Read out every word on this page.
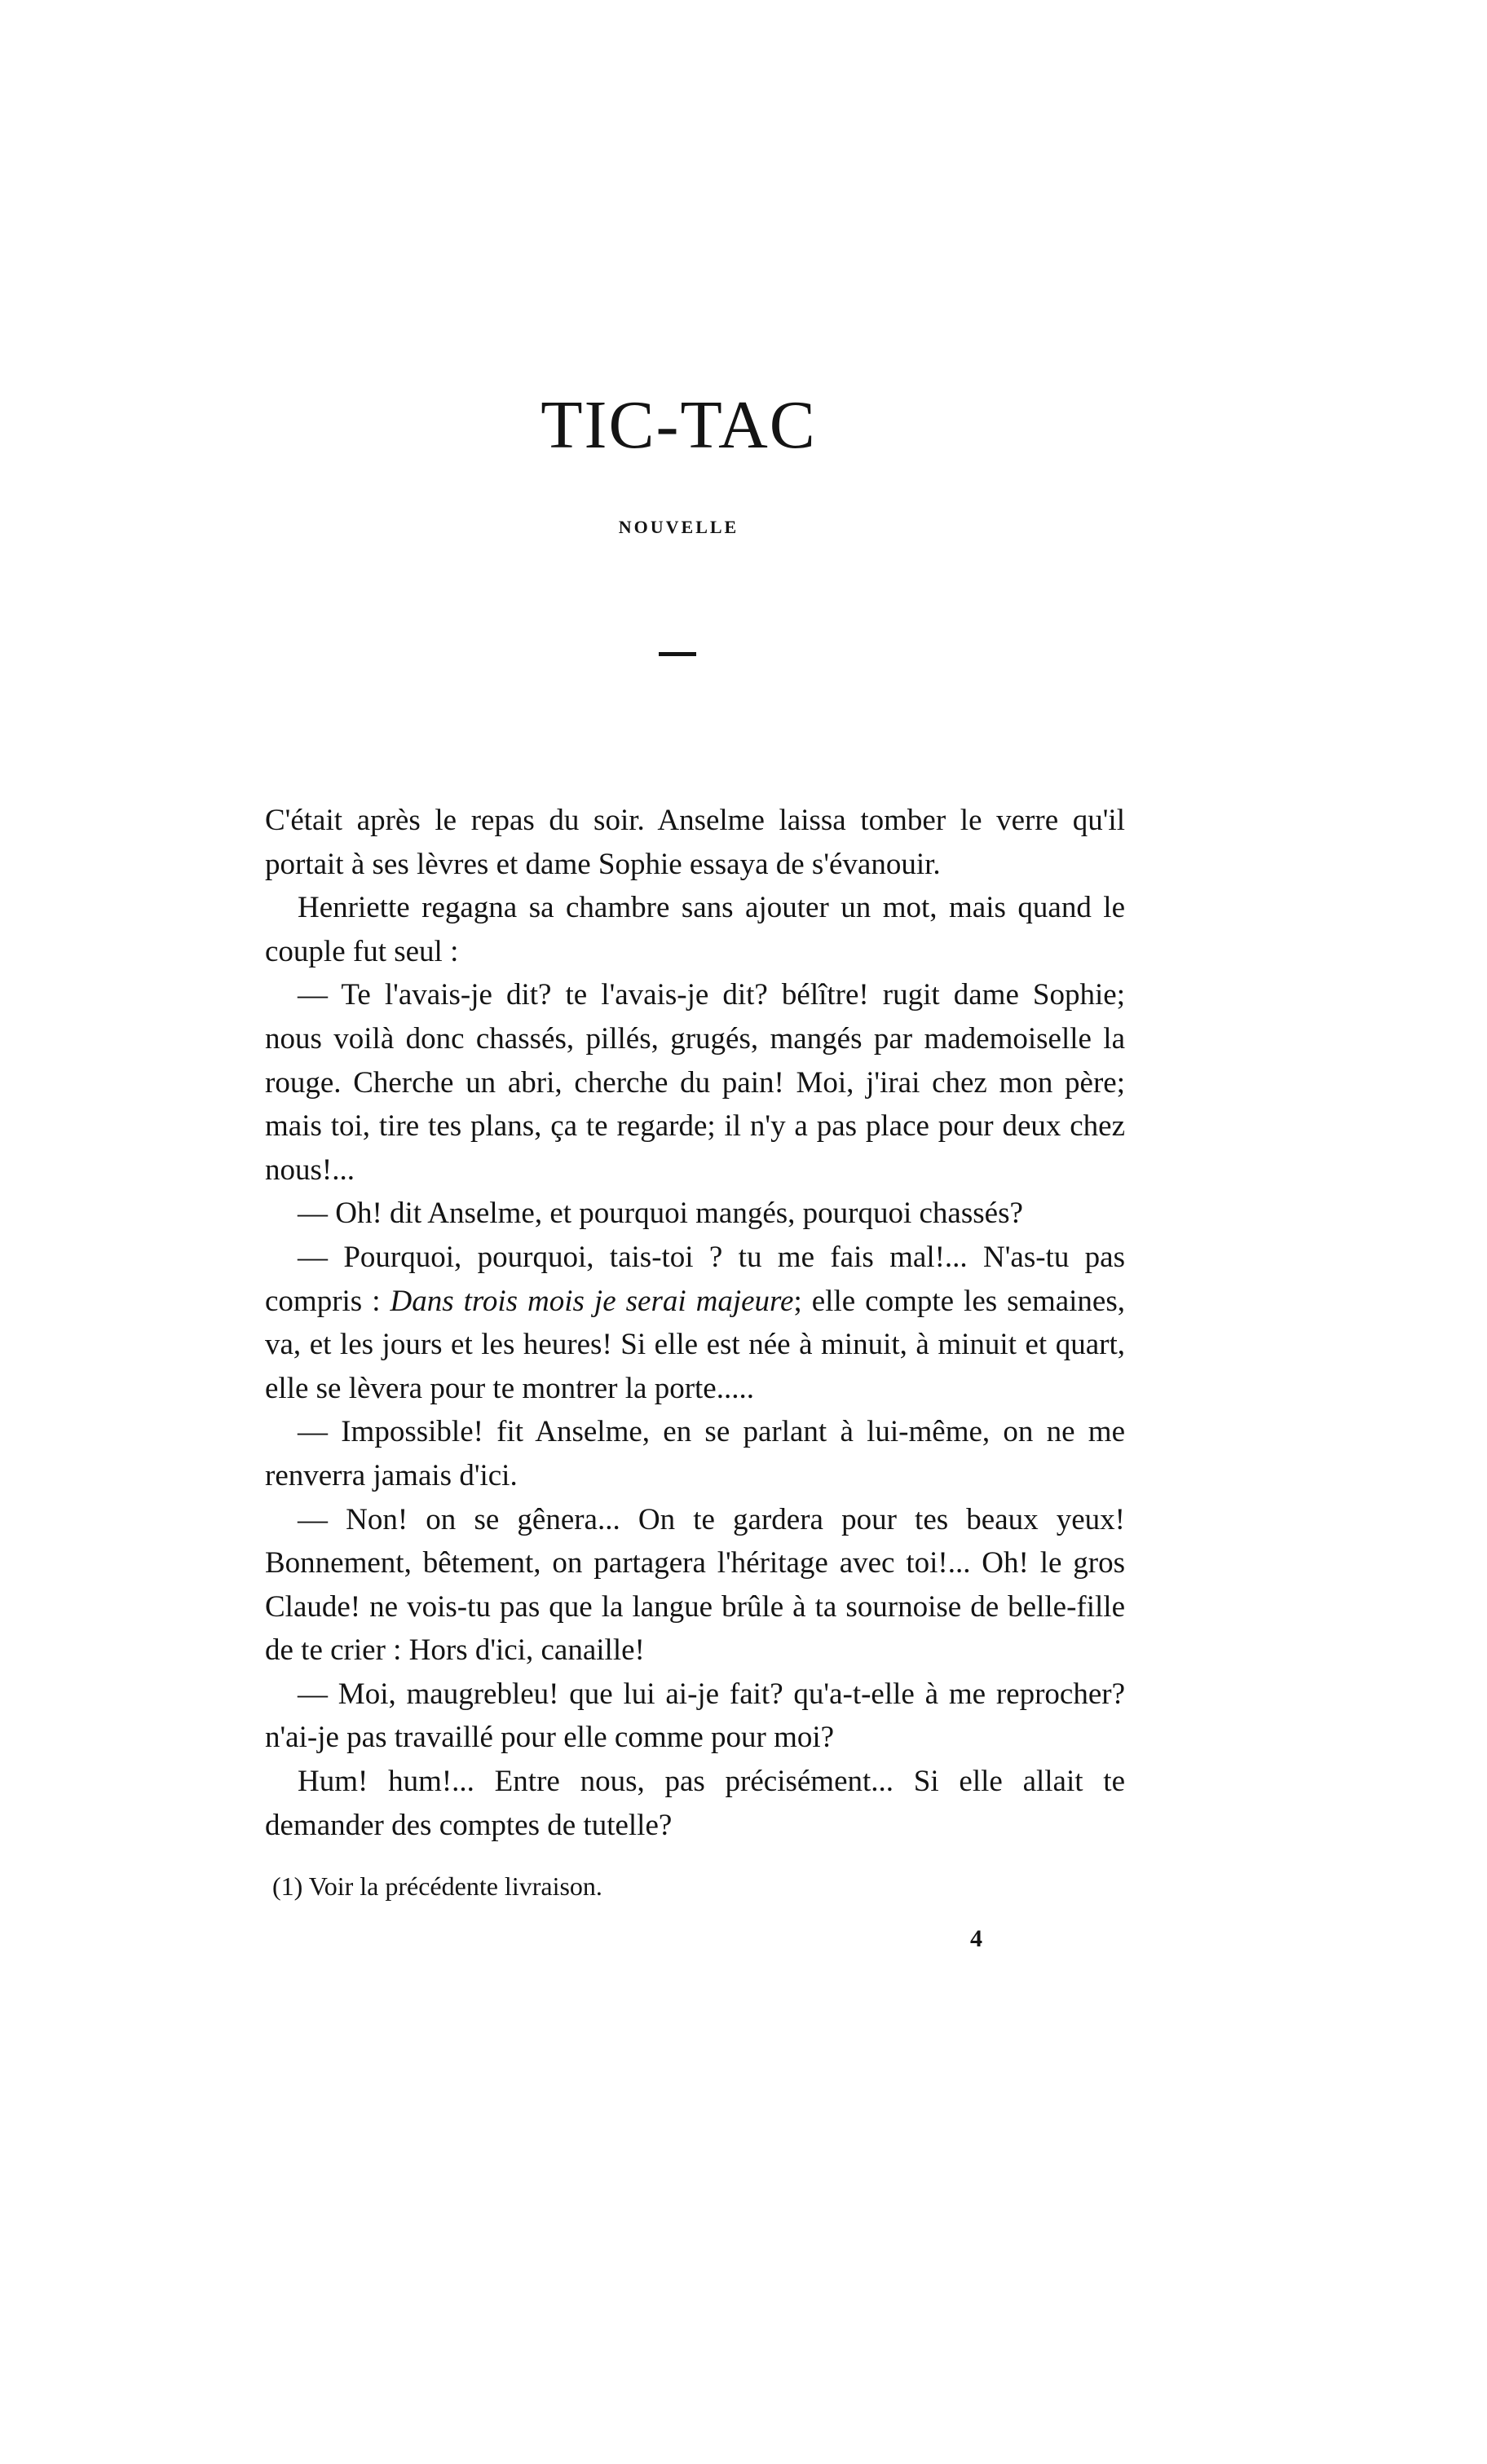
TIC-TAC
NOUVELLE

C'était après le repas du soir. Anselme laissa tomber le verre qu'il portait à ses lèvres et dame Sophie essaya de s'évanouir.

Henriette regagna sa chambre sans ajouter un mot, mais quand le couple fut seul :

— Te l'avais-je dit? te l'avais-je dit? bélître! rugit dame Sophie; nous voilà donc chassés, pillés, grugés, mangés par mademoiselle la rouge. Cherche un abri, cherche du pain! Moi, j'irai chez mon père; mais toi, tire tes plans, ça te regarde; il n'y a pas place pour deux chez nous!...

— Oh! dit Anselme, et pourquoi mangés, pourquoi chassés?

— Pourquoi, pourquoi, tais-toi ? tu me fais mal!... N'as-tu pas compris : Dans trois mois je serai majeure; elle compte les semaines, va, et les jours et les heures! Si elle est née à minuit, à minuit et quart, elle se lèvera pour te montrer la porte.....

— Impossible! fit Anselme, en se parlant à lui-même, on ne me renverra jamais d'ici.

— Non! on se gênera... On te gardera pour tes beaux yeux! Bonnement, bêtement, on partagera l'héritage avec toi!... Oh! le gros Claude! ne vois-tu pas que la langue brûle à ta sournoise de belle-fille de te crier : Hors d'ici, canaille!

— Moi, maugrebleu! que lui ai-je fait? qu'a-t-elle à me reprocher? n'ai-je pas travaillé pour elle comme pour moi?

Hum! hum!... Entre nous, pas précisément... Si elle allait te demander des comptes de tutelle?

(1) Voir la précédente livraison.

4
